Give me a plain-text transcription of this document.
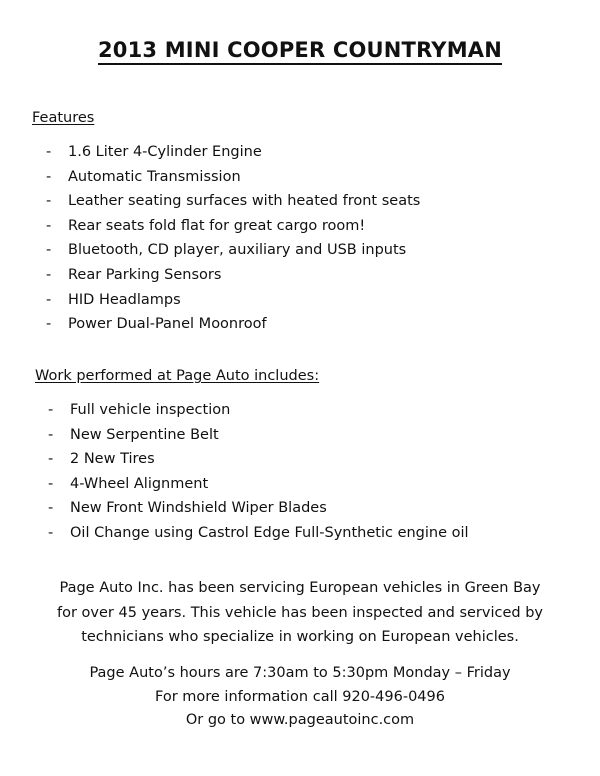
2013 MINI COOPER COUNTRYMAN
Features
- 1.6 Liter 4-Cylinder Engine
- Automatic Transmission
- Leather seating surfaces with heated front seats
- Rear seats fold flat for great cargo room!
- Bluetooth, CD player, auxiliary and USB inputs
- Rear Parking Sensors
- HID Headlamps
- Power Dual-Panel Moonroof
Work performed at Page Auto includes:
- Full vehicle inspection
- New Serpentine Belt
- 2 New Tires
- 4-Wheel Alignment
- New Front Windshield Wiper Blades
- Oil Change using Castrol Edge Full-Synthetic engine oil
Page Auto Inc. has been servicing European vehicles in Green Bay
for over 45 years. This vehicle has been inspected and serviced by
technicians who specialize in working on European vehicles.
Page Auto’s hours are 7:30am to 5:30pm Monday – Friday
For more information call 920-496-0496
Or go to www.pageautoinc.com
